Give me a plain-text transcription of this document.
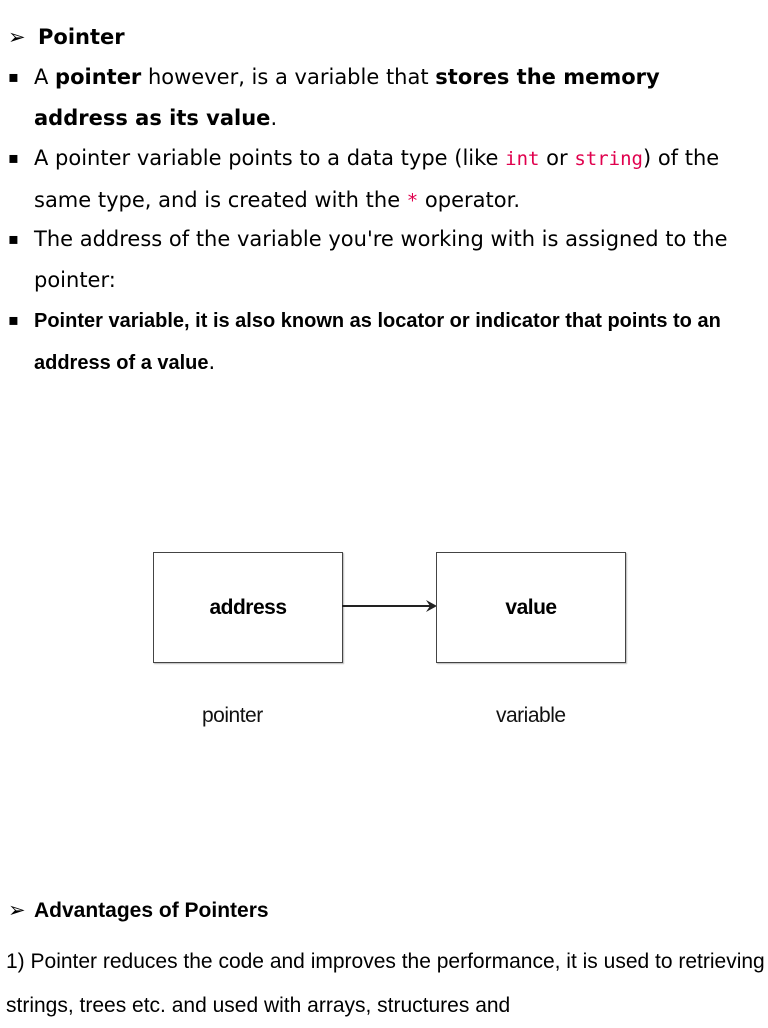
➢ Pointer
▪ A pointer however, is a variable that stores the memory address as its value.
▪ A pointer variable points to a data type (like int or string) of the same type, and is created with the * operator.
▪ The address of the variable you're working with is assigned to the pointer:
▪ Pointer variable, it is also known as locator or indicator that points to an address of a value.
address	value
pointer	variable
➢ Advantages of Pointers
1) Pointer reduces the code and improves the performance, it is used to retrieving strings, trees etc. and used with arrays, structures and
